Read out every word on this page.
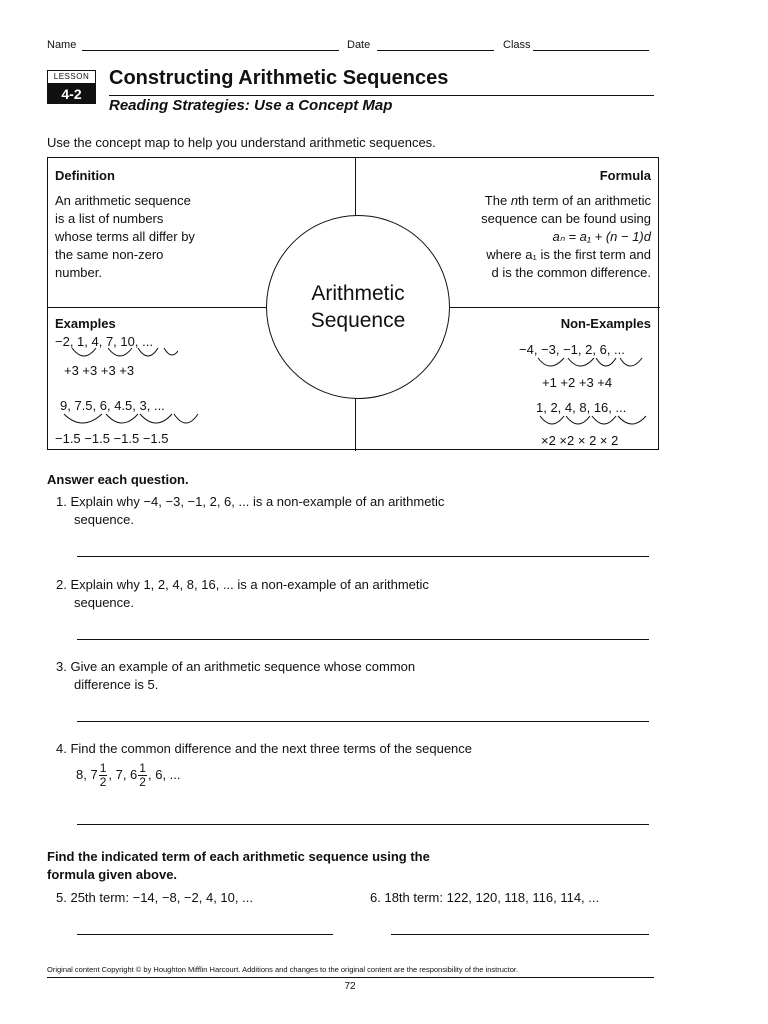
Name	Date	Class
LESSON
4-2
Constructing Arithmetic Sequences
Reading Strategies: Use a Concept Map
Use the concept map to help you understand arithmetic sequences.
Definition
An arithmetic sequence
is a list of numbers
whose terms all differ by
the same non-zero
number.
Formula
The nth term of an arithmetic
sequence can be found using
aₙ = a₁ + (n − 1)d
where a₁ is the first term and
d is the common difference.
Examples
−2, 1, 4, 7, 10, ...
+3 +3 +3 +3
9, 7.5, 6, 4.5, 3, ...
−1.5 −1.5 −1.5 −1.5
Non-Examples
−4, −3, −1, 2, 6, ...
+1 +2 +3 +4
1, 2, 4, 8, 16, ...
×2 ×2 × 2 × 2
Arithmetic
Sequence
Answer each question.
1. Explain why −4, −3, −1, 2, 6, ... is a non-example of an arithmetic
sequence.
2. Explain why 1, 2, 4, 8, 16, ... is a non-example of an arithmetic
sequence.
3. Give an example of an arithmetic sequence whose common
difference is 5.
4. Find the common difference and the next three terms of the sequence
8, $7 \frac{1}{2}$ , 7, $6 \frac{1}{2}$ , 6, ...
Find the indicated term of each arithmetic sequence using the
formula given above.
5. 25th term: −14, −8, −2, 4, 10, ...	6. 18th term: 122, 120, 118, 116, 114, ...
Original content Copyright © by Houghton Mifflin Harcourt. Additions and changes to the original content are the responsibility of the instructor.
72
